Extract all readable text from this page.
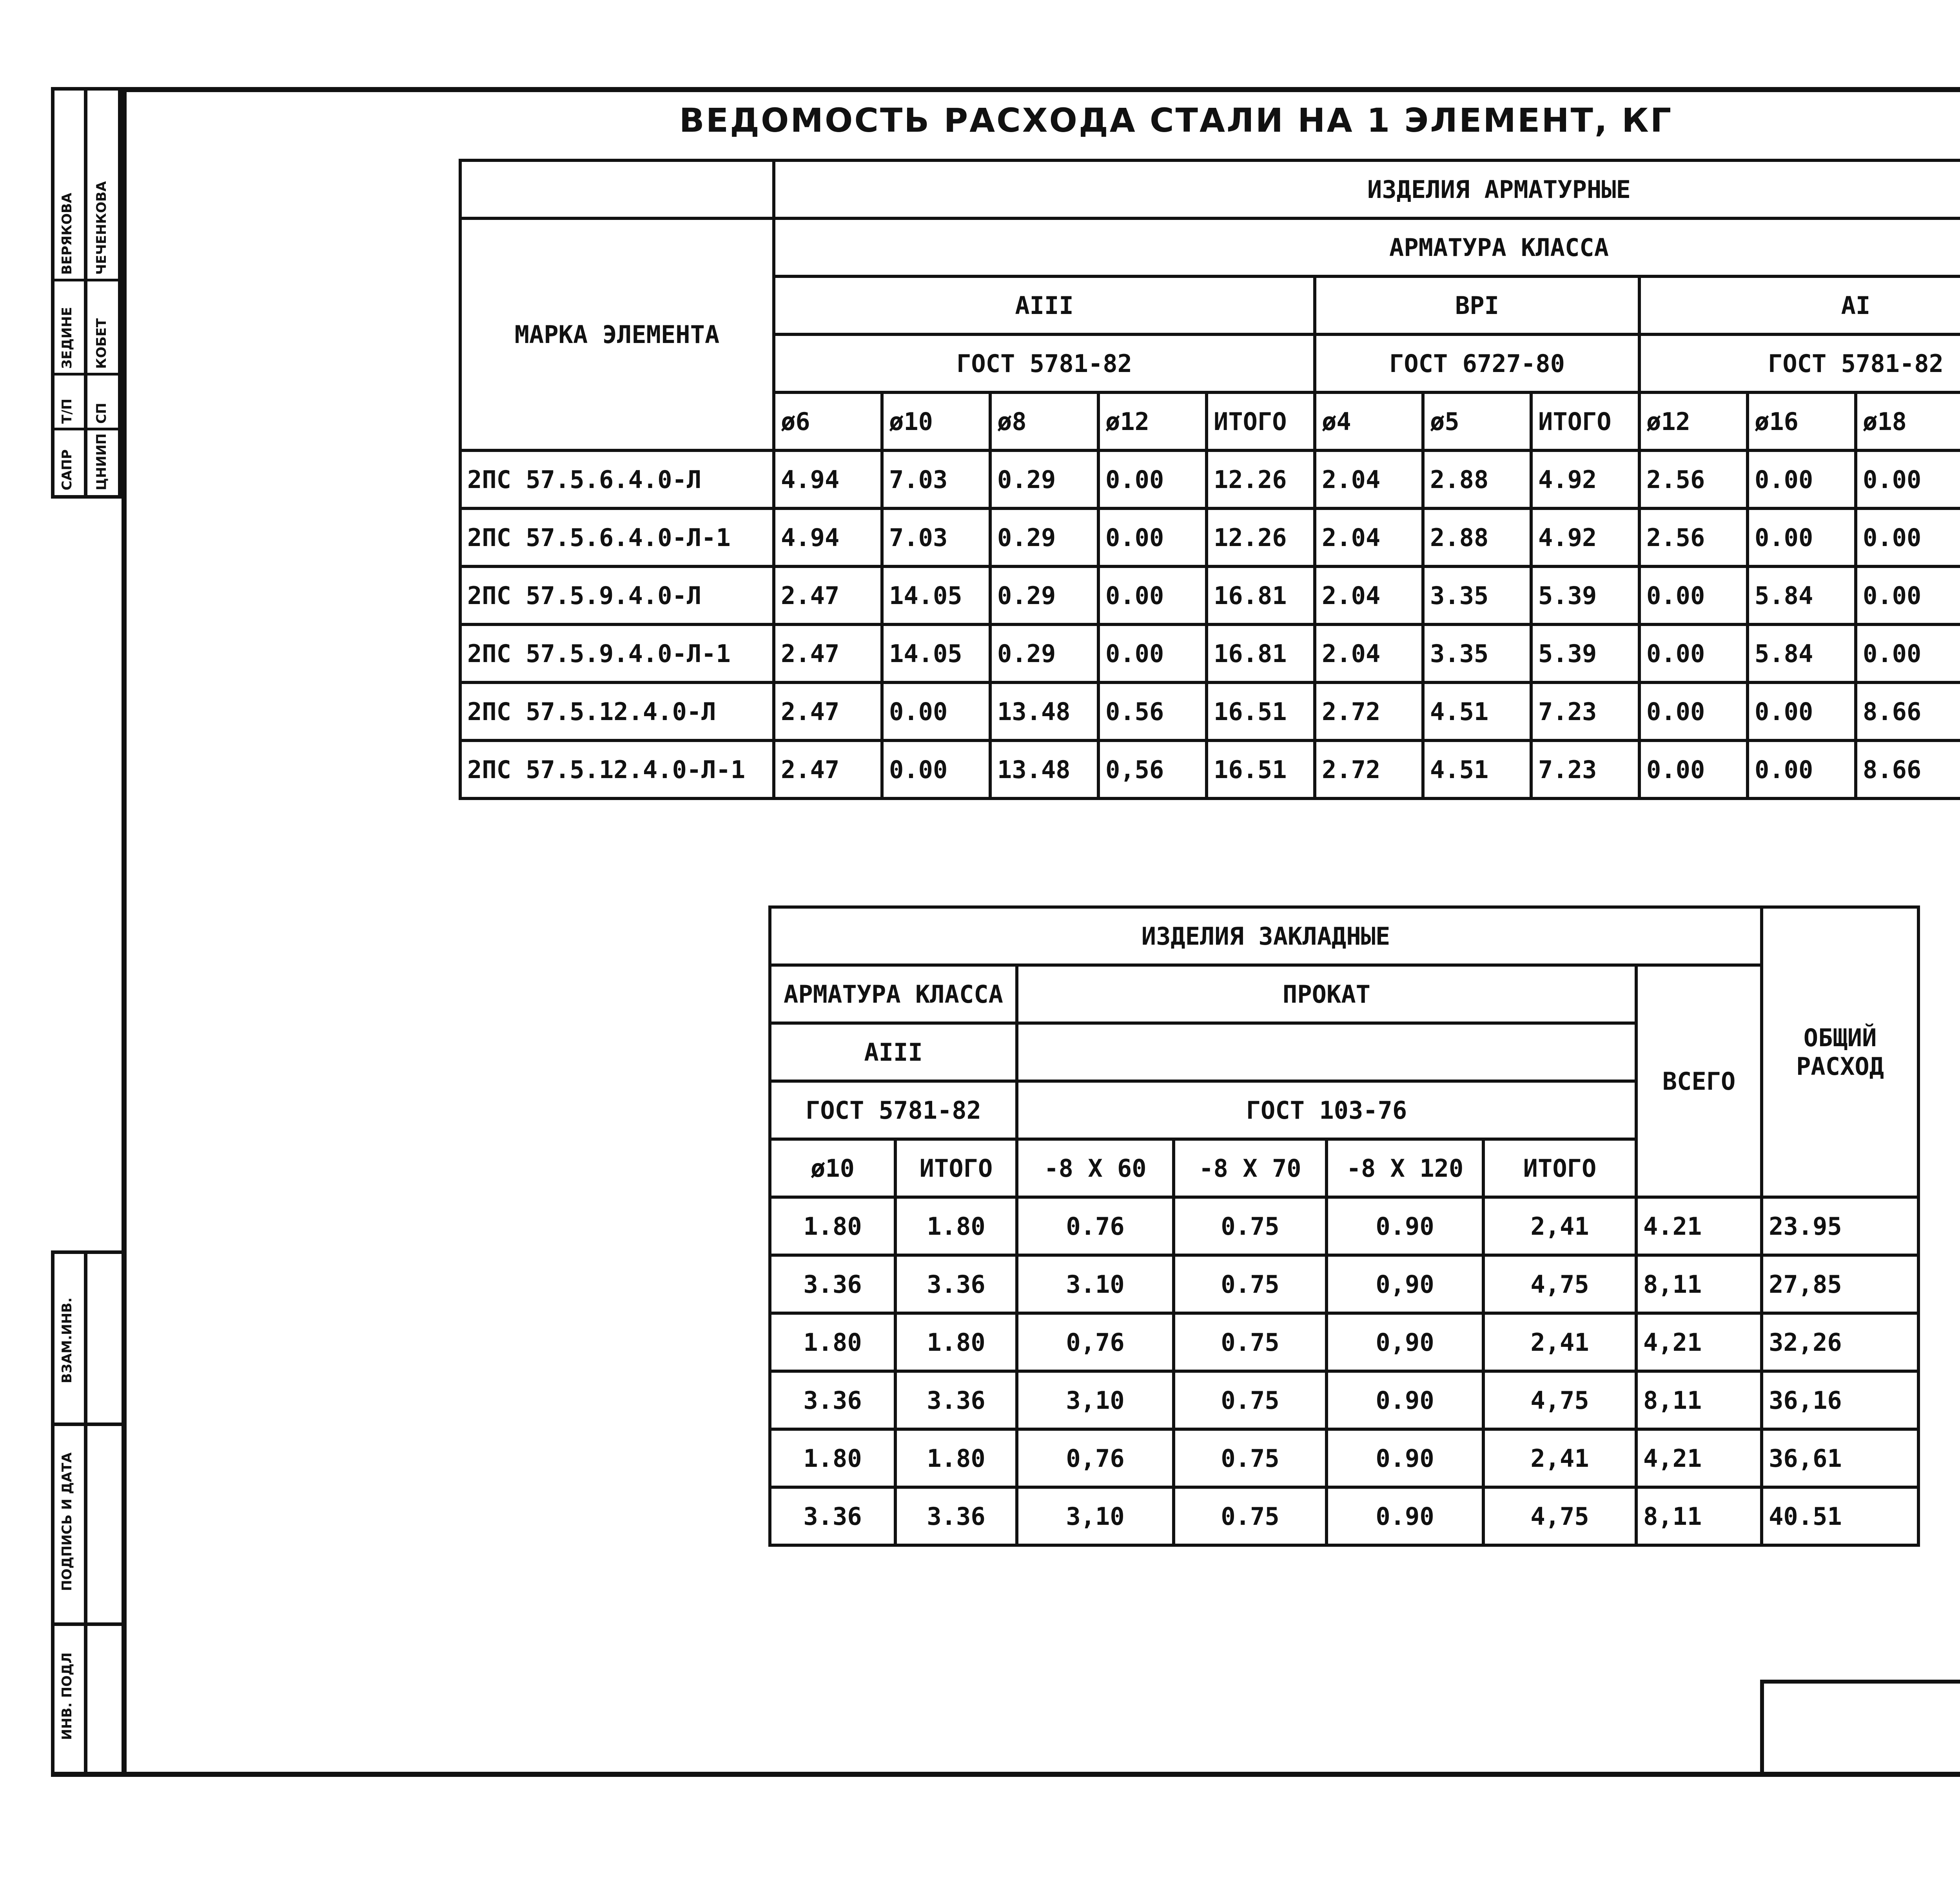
ВЕДОМОСТЬ РАСХОДА СТАЛИ НА 1 ЭЛЕМЕНТ, КГ
ВЕРЯКОВА ЧЕЧЕНКОВА
ЗЕДИНЕ КОБЕТ
Т/П СП
САПР ЦНИИП
ВЗАМ.ИНВ.
ПОДПИСЬ И ДАТА
ИНВ. ПОДЛ
	ИЗДЕЛИЯ АРМАТУРНЫЕ												
МАРКА ЭЛЕМЕНТА	АРМАТУРА КЛАССА												
	AIII					ВРI			AI	
	ГОСТ 5781-82					ГОСТ 6727-80			ГОСТ 5781-82				
	ø6	ø10	ø8	ø12	ИТОГО	ø4	ø5	ИТОГО	ø12	ø16	ø18	
2ПС 57.5.6.4.0-Л	4.94	7.03	0.29	0.00	12.26	2.04	2.88	4.92	2.56	0.00	0.00		
2ПС 57.5.6.4.0-Л-1	4.94	7.03	0.29	0.00	12.26	2.04	2.88	4.92	2.56	0.00	0.00		
2ПС 57.5.9.4.0-Л	2.47	14.05	0.29	0.00	16.81	2.04	3.35	5.39	0.00	5.84	0.00		
2ПС 57.5.9.4.0-Л-1	2.47	14.05	0.29	0.00	16.81	2.04	3.35	5.39	0.00	5.84	0.00		
2ПС 57.5.12.4.0-Л	2.47	0.00	13.48	0.56	16.51	2.72	4.51	7.23	0.00	0.00	8.66		
2ПС 57.5.12.4.0-Л-1	2.47	0.00	13.48	0,56	16.51	2.72	4.51	7.23	0.00	0.00	8.66		
ИЗДЕЛИЯ ЗАКЛАДНЫЕ							ОБЩИЙ РАСХОД
АРМАТУРА КЛАССА		ПРОКАТ				ВСЕГО	
AIII							
ГОСТ 5781-82		ГОСТ 103-76					
ø10	ИТОГО	-8 Х 60	-8 Х 70	-8 Х 120	ИТОГО		
1.80	1.80	0.76	0.75	0.90	2,41	4.21	23.95
3.36	3.36	3.10	0.75	0,90	4,75	8,11	27,85
1.80	1.80	0,76	0.75	0,90	2,41	4,21	32,26
3.36	3.36	3,10	0.75	0.90	4,75	8,11	36,16
1.80	1.80	0,76	0.75	0.90	2,41	4,21	36,61
3.36	3.36	3,10	0.75	0.90	4,75	8,11	40.51
